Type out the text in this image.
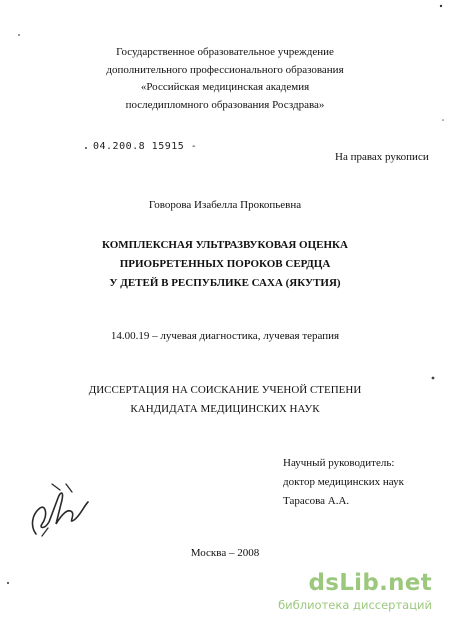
Государственное образовательное учреждение
дополнительного профессионального образования
«Российская медицинская академия
последипломного образования Росздрава»
04.200.8 15915 -
На правах рукописи
Говорова Изабелла Прокопьевна
КОМПЛЕКСНАЯ УЛЬТРАЗВУКОВАЯ ОЦЕНКА
ПРИОБРЕТЕННЫХ ПОРОКОВ СЕРДЦА
У ДЕТЕЙ В РЕСПУБЛИКЕ САХА (ЯКУТИЯ)
14.00.19 – лучевая диагностика, лучевая терапия
ДИССЕРТАЦИЯ НА СОИСКАНИЕ УЧЕНОЙ СТЕПЕНИ
КАНДИДАТА МЕДИЦИНСКИХ НАУК
Научный руководитель:
доктор медицинских наук
Тарасова А.А.
Москва – 2008
dsLib.net
библиотека диссертаций
